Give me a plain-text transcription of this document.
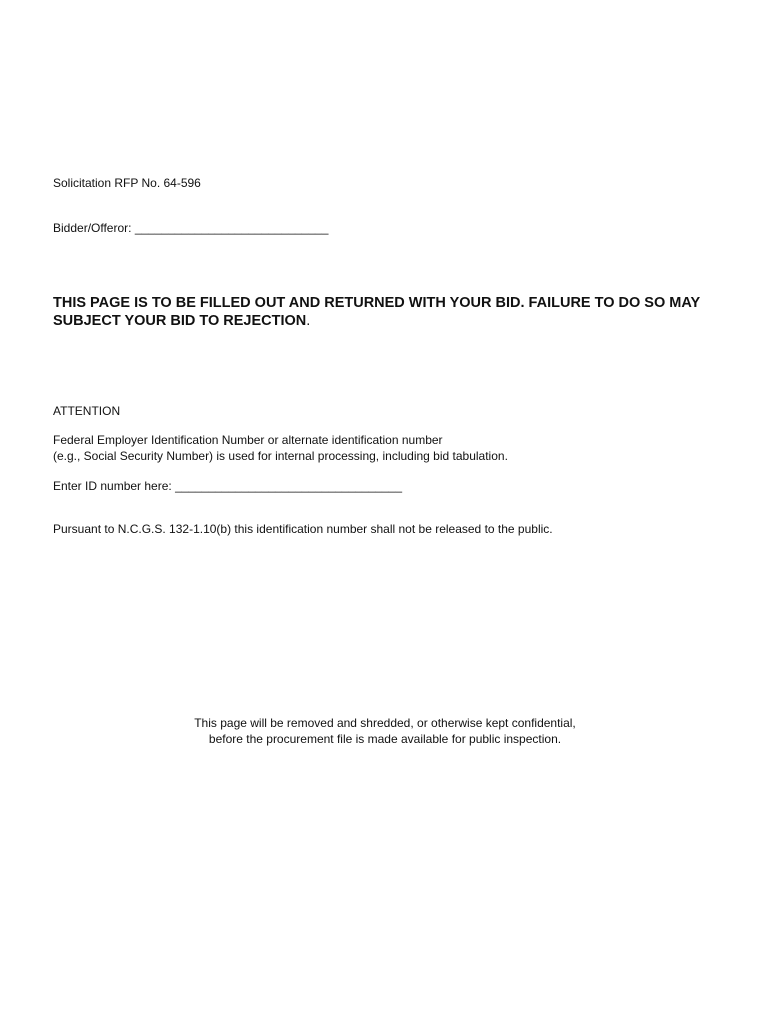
Solicitation RFP No. 64-596
Bidder/Offeror: _____________________________
THIS PAGE IS TO BE FILLED OUT AND RETURNED WITH YOUR BID. FAILURE TO DO SO MAY SUBJECT YOUR BID TO REJECTION.
ATTENTION
Federal Employer Identification Number or alternate identification number
(e.g., Social Security Number) is used for internal processing, including bid tabulation.
Enter ID number here: __________________________________
Pursuant to N.C.G.S. 132-1.10(b) this identification number shall not be released to the public.
This page will be removed and shredded, or otherwise kept confidential,
before the procurement file is made available for public inspection.
